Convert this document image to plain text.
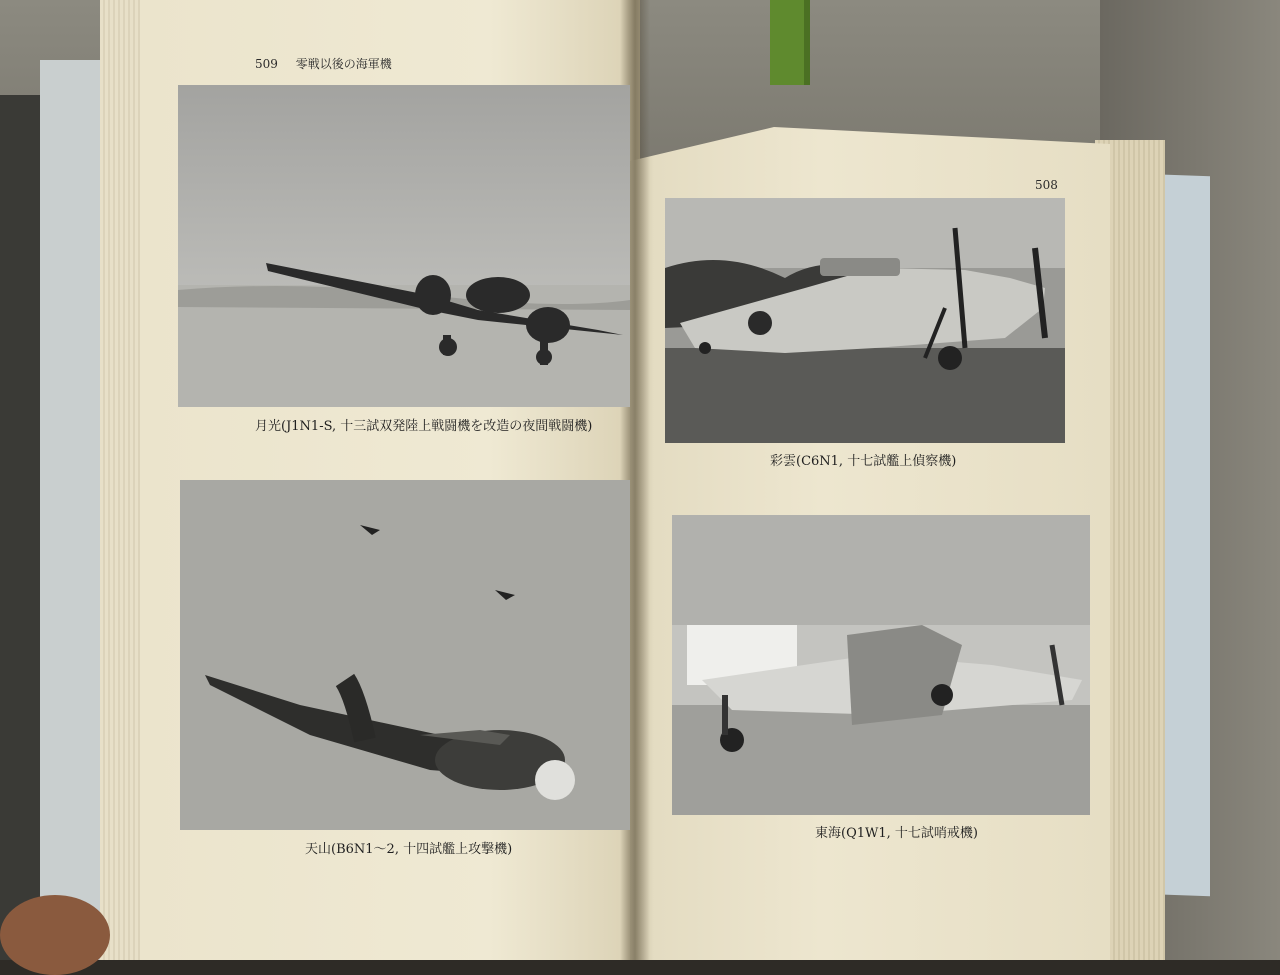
509 零戦以後の海軍機
508
月光(J1N1-S, 十三試双発陸上戦闘機を改造の夜間戦闘機)
彩雲(C6N1, 十七試艦上偵察機)
天山(B6N1〜2, 十四試艦上攻撃機)
東海(Q1W1, 十七試哨戒機)
